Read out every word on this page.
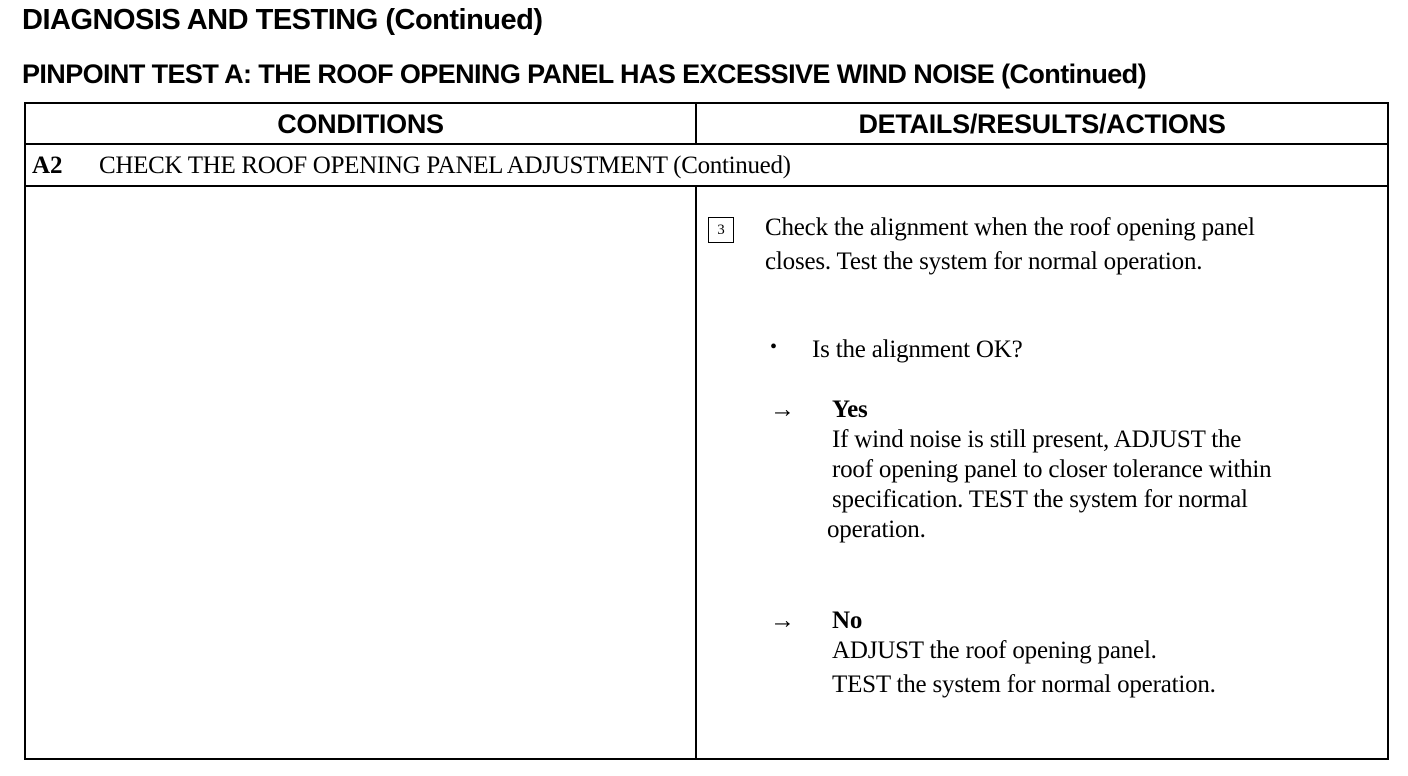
DIAGNOSIS AND TESTING (Continued)
PINPOINT TEST A: THE ROOF OPENING PANEL HAS EXCESSIVE WIND NOISE (Continued)
CONDITIONS	DETAILS/RESULTS/ACTIONS
A2 CHECK THE ROOF OPENING PANEL ADJUSTMENT (Continued)
3	Check the alignment when the roof opening panel
closes. Test the system for normal operation.
• Is the alignment OK?
→ Yes
If wind noise is still present, ADJUST the
roof opening panel to closer tolerance within
specification. TEST the system for normal
operation.
→ No
ADJUST the roof opening panel.
TEST the system for normal operation.
